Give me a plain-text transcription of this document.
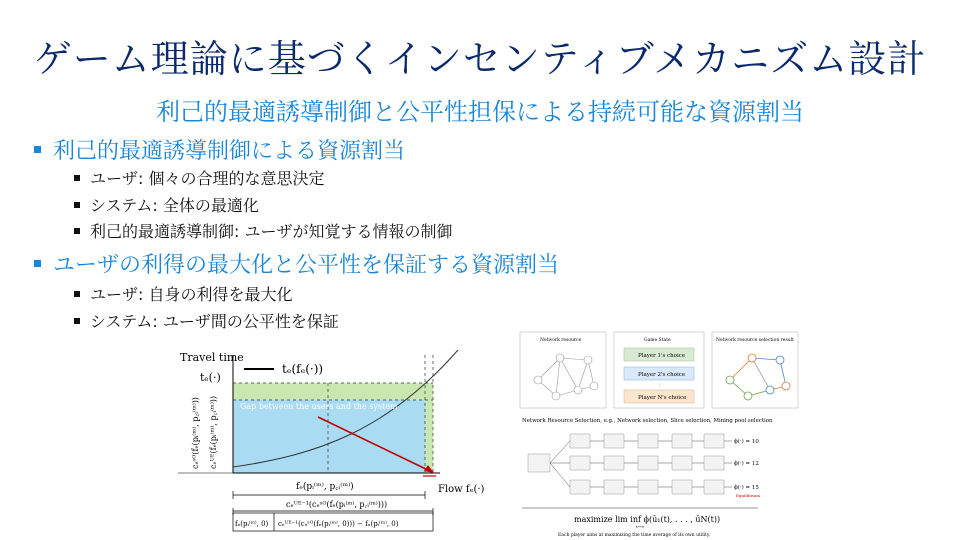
ゲーム理論に基づくインセンティブメカニズム設計
利己的最適誘導制御と公平性担保による持続可能な資源割当
利己的最適誘導制御による資源割当
ユーザ: 個々の合理的な意思決定
システム: 全体の最適化
利己的最適誘導制御: ユーザが知覚する情報の制御
ユーザの利得の最大化と公平性を保証する資源割当
ユーザ: 自身の利得を最大化
システム: ユーザ間の公平性を保証
tₑ(fₑ(·))
Travel time
tₑ(·)
Flow fₑ(·)
Gap between the users and the system
cₑˢᴼ(fₑ(pᵢ⁽ᵐ⁾, p꜀ᵢ⁽ᵐ⁾)) cₑᵁᴱ(fₑ(pᵢ⁽ᵐ⁾, p꜀ᵢ⁽ᵐ⁾))
fₑ(pᵢ⁽ᵐ⁾, p꜀ᵢ⁽ᵐ⁾)
cₑᵁᴱ⁻¹(cₑˢᴼ(fₑ(pᵢ⁽ᵐ⁾, p꜀ᵢ⁽ᵐ⁾)))
fₑ(pᵢ⁽ᵐ⁾, 0) cₑᵁᴱ⁻¹(cₑˢᴼ(fₑ(pᵢ⁽ᵐ⁾, 0))) − fₑ(pᵢ⁽ᵐ⁾, 0)
Network resource	Game State	Network resource selection result
Player 1's choice
Player 2's choice
Player N's choice
⋮
Network Resource Selection, e.g., Network selection, Slice selection, Mining pool selection
ϕ(·) = 10
ϕ(·) = 12
ϕ(·) = 15
Equilibrium
maximize lim inf ϕ(ū₁(t), . . . , ūN(t))
t→∞
Each player aims at maximizing the time average of its own utility.
